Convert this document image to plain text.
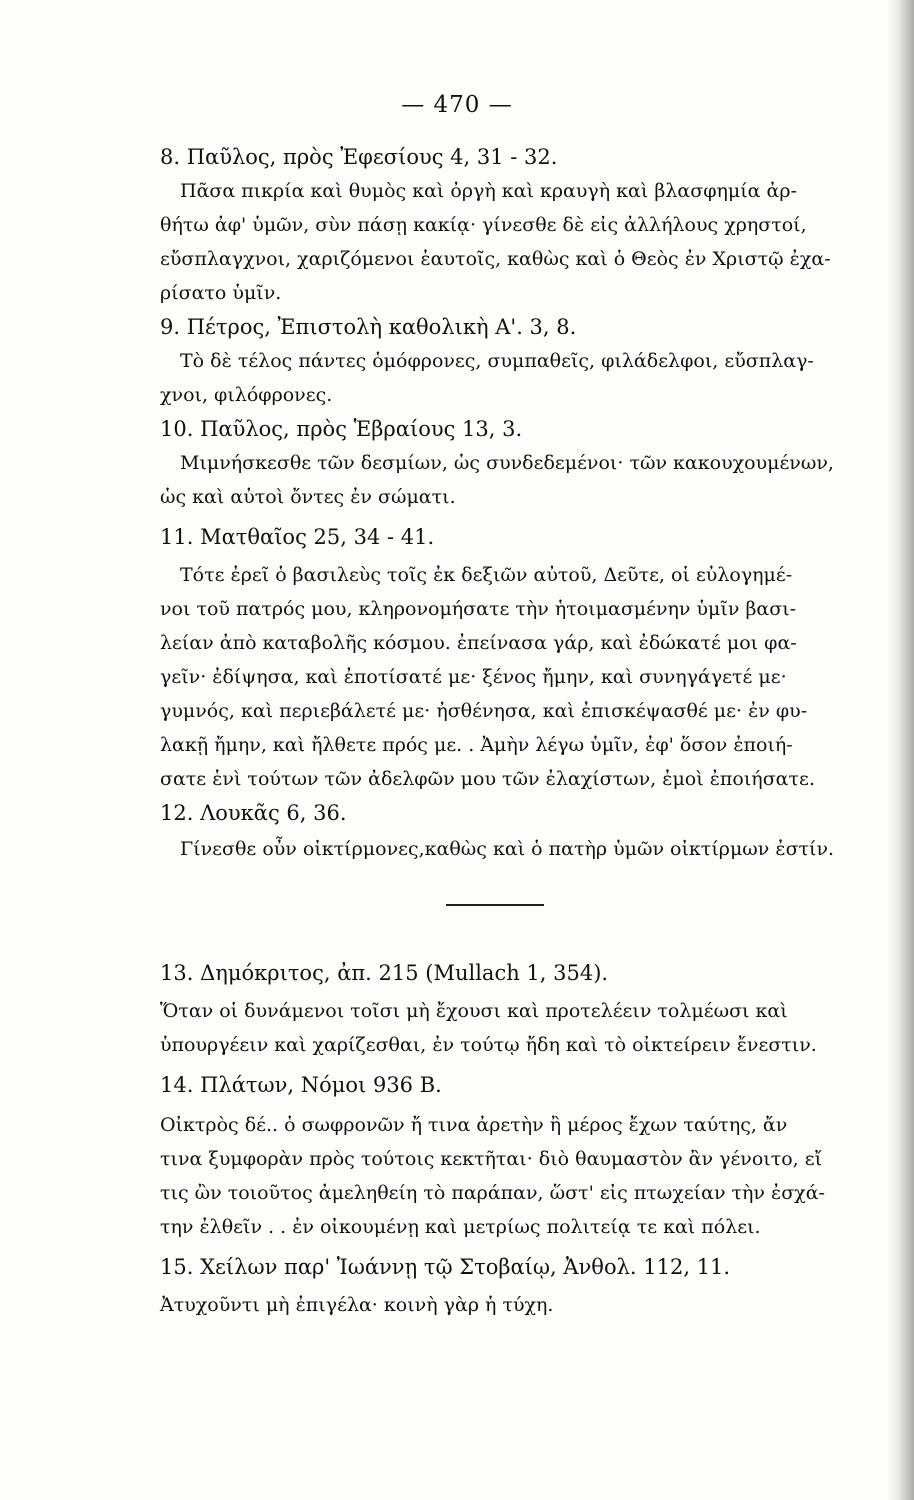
— 470 —

8. Παῦλος, πρὸς Ἐφεσίους 4, 31 - 32.

Πᾶσα πικρία καὶ θυμὸς καὶ ὀργὴ καὶ κραυγὴ καὶ βλασφημία ἀρ-

θήτω ἀφ' ὑμῶν, σὺν πάσῃ κακίᾳ· γίνεσθε δὲ εἰς ἀλλήλους χρηστοί,

εὔσπλαγχνοι, χαριζόμενοι ἑαυτοῖς, καθὼς καὶ ὁ Θεὸς ἐν Χριστῷ ἐχα-

ρίσατο ὑμῖν.

9. Πέτρος, Ἐπιστολὴ καθολικὴ Α'. 3, 8.

Τὸ δὲ τέλος πάντες ὁμόφρονες, συμπαθεῖς, φιλάδελφοι, εὔσπλαγ-

χνοι, φιλόφρονες.

10. Παῦλος, πρὸς Ἑβραίους 13, 3.

Μιμνήσκεσθε τῶν δεσμίων, ὡς συνδεδεμένοι· τῶν κακουχουμένων,

ὡς καὶ αὐτοὶ ὄντες ἐν σώματι.

11. Ματθαῖος 25, 34 - 41.

Τότε ἐρεῖ ὁ βασιλεὺς τοῖς ἐκ δεξιῶν αὐτοῦ, Δεῦτε, οἱ εὐλογημέ-

νοι τοῦ πατρός μου, κληρονομήσατε τὴν ἡτοιμασμένην ὑμῖν βασι-

λείαν ἀπὸ καταβολῆς κόσμου. ἐπείνασα γάρ, καὶ ἐδώκατέ μοι φα-

γεῖν· ἐδίψησα, καὶ ἐποτίσατέ με· ξένος ἤμην, καὶ συνηγάγετέ με·

γυμνός, καὶ περιεβάλετέ με· ἠσθένησα, καὶ ἐπισκέψασθέ με· ἐν φυ-

λακῇ ἤμην, καὶ ἤλθετε πρός με. . Ἀμὴν λέγω ὑμῖν, ἐφ' ὅσον ἐποιή-

σατε ἑνὶ τούτων τῶν ἀδελφῶν μου τῶν ἐλαχίστων, ἐμοὶ ἐποιήσατε.

12. Λουκᾶς 6, 36.

Γίνεσθε οὖν οἰκτίρμονες,καθὼς καὶ ὁ πατὴρ ὑμῶν οἰκτίρμων ἐστίν.

13. Δημόκριτος, ἀπ. 215 (Mullach 1, 354).

Ὅταν οἱ δυνάμενοι τοῖσι μὴ ἔχουσι καὶ προτελέειν τολμέωσι καὶ

ὑπουργέειν καὶ χαρίζεσθαι, ἐν τούτῳ ἤδη καὶ τὸ οἰκτείρειν ἔνεστιν.

14. Πλάτων, Νόμοι 936 Β.

Οἰκτρὸς δέ.. ὁ σωφρονῶν ἤ τινα ἀρετὴν ἢ μέρος ἔχων ταύτης, ἄν

τινα ξυμφορὰν πρὸς τούτοις κεκτῆται· διὸ θαυμαστὸν ἂν γένοιτο, εἴ

τις ὢν τοιοῦτος ἀμεληθείη τὸ παράπαν, ὥστ' εἰς πτωχείαν τὴν ἐσχά-

την ἐλθεῖν . . ἐν οἰκουμένῃ καὶ μετρίως πολιτείᾳ τε καὶ πόλει.

15. Χείλων παρ' Ἰωάννῃ τῷ Στοβαίῳ, Ἀνθολ. 112, 11.

Ἀτυχοῦντι μὴ ἐπιγέλα· κοινὴ γὰρ ἡ τύχη.
